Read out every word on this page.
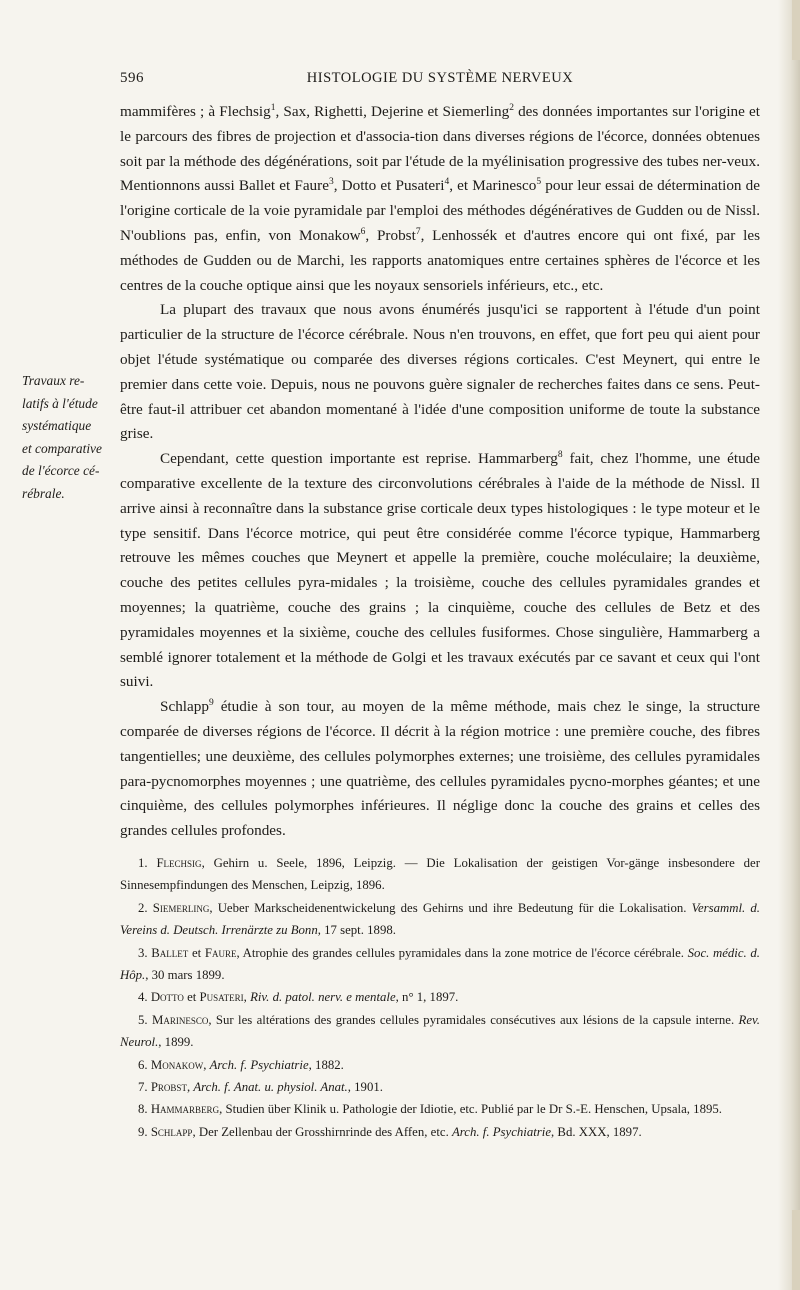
596	HISTOLOGIE DU SYSTÈME NERVEUX
Travaux re-
latifs à l'étude
systématique
et comparative
de l'écorce cé-
rébrale.

mammifères ; à Flechsig$^1$, Sax, Righetti, Dejerine et Siemerling$^2$ des données importantes sur l'origine et le parcours des fibres de projection et d'associa-tion dans diverses régions de l'écorce, données obtenues soit par la méthode des dégénérations, soit par l'étude de la myélinisation progressive des tubes ner-veux. Mentionnons aussi Ballet et Faure$^3$, Dotto et Pusateri$^4$, et Marinesco$^5$ pour leur essai de détermination de l'origine corticale de la voie pyramidale par l'emploi des méthodes dégénératives de Gudden ou de Nissl. N'oublions pas, enfin, von Monakow$^6$, Probst$^7$, Lenhossék et d'autres encore qui ont fixé, par les méthodes de Gudden ou de Marchi, les rapports anatomiques entre certaines sphères de l'écorce et les centres de la couche optique ainsi que les noyaux sensoriels inférieurs, etc., etc.

La plupart des travaux que nous avons énumérés jusqu'ici se rapportent à l'étude d'un point particulier de la structure de l'écorce cérébrale. Nous n'en trouvons, en effet, que fort peu qui aient pour objet l'étude systématique ou comparée des diverses régions corticales. C'est Meynert, qui entre le premier dans cette voie. Depuis, nous ne pouvons guère signaler de recherches faites dans ce sens. Peut-être faut-il attribuer cet abandon momentané à l'idée d'une composition uniforme de toute la substance grise.

Cependant, cette question importante est reprise. Hammarberg$^8$ fait, chez l'homme, une étude comparative excellente de la texture des circonvolutions cérébrales à l'aide de la méthode de Nissl. Il arrive ainsi à reconnaître dans la substance grise corticale deux types histologiques : le type moteur et le type sensitif. Dans l'écorce motrice, qui peut être considérée comme l'écorce typique, Hammarberg retrouve les mêmes couches que Meynert et appelle la première, couche moléculaire; la deuxième, couche des petites cellules pyra-midales ; la troisième, couche des cellules pyramidales grandes et moyennes; la quatrième, couche des grains ; la cinquième, couche des cellules de Betz et des pyramidales moyennes et la sixième, couche des cellules fusiformes. Chose singulière, Hammarberg a semblé ignorer totalement et la méthode de Golgi et les travaux exécutés par ce savant et ceux qui l'ont suivi.

Schlapp$^9$ étudie à son tour, au moyen de la même méthode, mais chez le singe, la structure comparée de diverses régions de l'écorce. Il décrit à la région motrice : une première couche, des fibres tangentielles; une deuxième, des cellules polymorphes externes; une troisième, des cellules pyramidales para-pycnomorphes moyennes ; une quatrième, des cellules pyramidales pycno-morphes géantes; et une cinquième, des cellules polymorphes inférieures. Il néglige donc la couche des grains et celles des grandes cellules profondes.

1. Flechsig, Gehirn u. Seele, 1896, Leipzig. — Die Lokalisation der geistigen Vor-gänge insbesondere der Sinnesempfindungen des Menschen, Leipzig, 1896.

2. Siemerling, Ueber Markscheidenentwickelung des Gehirns und ihre Bedeutung für die Lokalisation. Versamml. d. Vereins d. Deutsch. Irrenärzte zu Bonn, 17 sept. 1898.

3. Ballet et Faure, Atrophie des grandes cellules pyramidales dans la zone motrice de l'écorce cérébrale. Soc. médic. d. Hôp., 30 mars 1899.

4. Dotto et Pusateri, Riv. d. patol. nerv. e mentale, n° 1, 1897.

5. Marinesco, Sur les altérations des grandes cellules pyramidales consécutives aux lésions de la capsule interne. Rev. Neurol., 1899.

6. Monakow, Arch. f. Psychiatrie, 1882.

7. Probst, Arch. f. Anat. u. physiol. Anat., 1901.

8. Hammarberg, Studien über Klinik u. Pathologie der Idiotie, etc. Publié par le Dr S.-E. Henschen, Upsala, 1895.

9. Schlapp, Der Zellenbau der Grosshirnrinde des Affen, etc. Arch. f. Psychiatrie, Bd. XXX, 1897.
